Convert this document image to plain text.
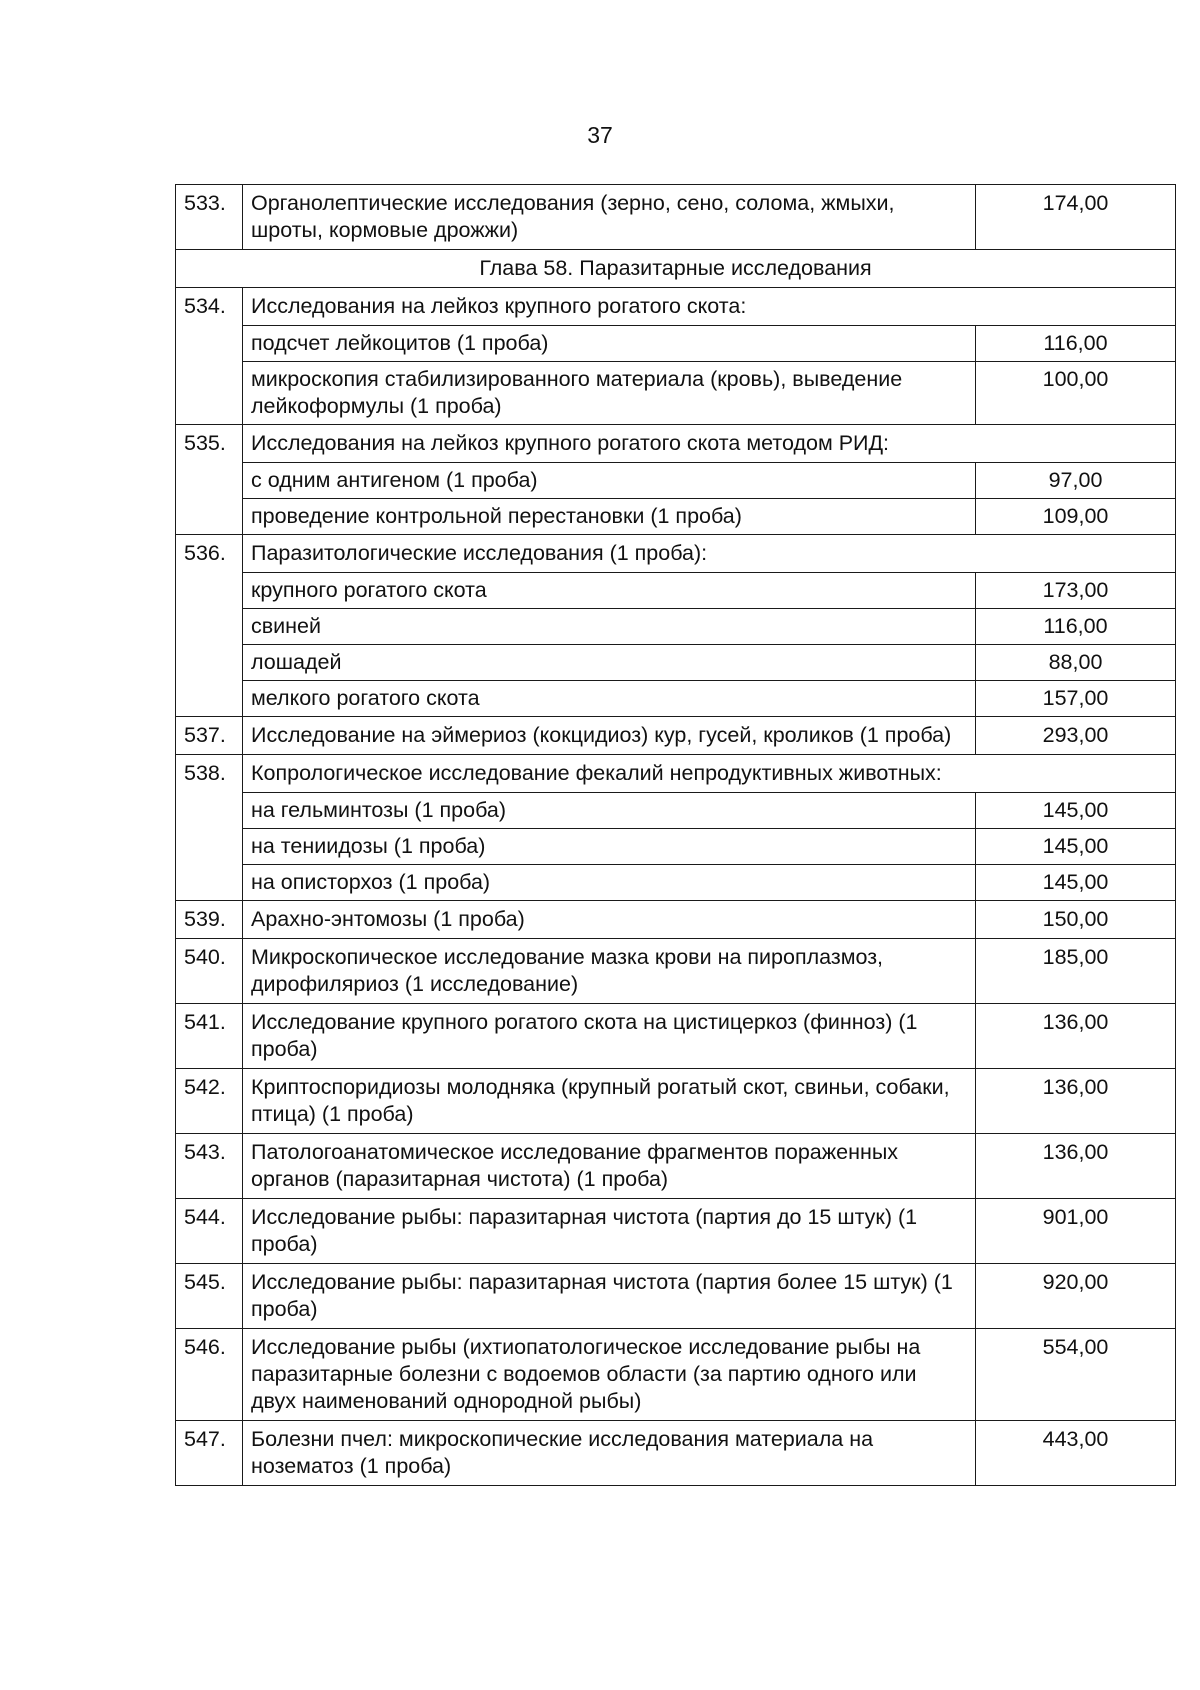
37
533.	Органолептические исследования (зерно, сено, солома, жмыхи, шроты, кормовые дрожжи)	174,00
Глава 58. Паразитарные исследования		
534.	Исследования на лейкоз крупного рогатого скота:	
	подсчет лейкоцитов (1 проба)	116,00
	микроскопия стабилизированного материала (кровь), выведение лейкоформулы (1 проба)	100,00
535.	Исследования на лейкоз крупного рогатого скота методом РИД:	
	с одним антигеном (1 проба)	97,00
	проведение контрольной перестановки (1 проба)	109,00
536.	Паразитологические исследования (1 проба):	
	крупного рогатого скота	173,00
	свиней	116,00
	лошадей	88,00
	мелкого рогатого скота	157,00
537.	Исследование на эймериоз (кокцидиоз) кур, гусей, кроликов (1 проба)	293,00
538.	Копрологическое исследование фекалий непродуктивных животных:	
	на гельминтозы (1 проба)	145,00
	на тениидозы (1 проба)	145,00
	на описторхоз (1 проба)	145,00
539.	Арахно-энтомозы (1 проба)	150,00
540.	Микроскопическое исследование мазка крови на пироплазмоз, дирофиляриоз (1 исследование)	185,00
541.	Исследование крупного рогатого скота на цистицеркоз (финноз) (1 проба)	136,00
542.	Криптоспоридиозы молодняка (крупный рогатый скот, свиньи, собаки, птица) (1 проба)	136,00
543.	Патологоанатомическое исследование фрагментов пораженных органов (паразитарная чистота) (1 проба)	136,00
544.	Исследование рыбы: паразитарная чистота (партия до 15 штук) (1 проба)	901,00
545.	Исследование рыбы: паразитарная чистота (партия более 15 штук) (1 проба)	920,00
546.	Исследование рыбы (ихтиопатологическое исследование рыбы на паразитарные болезни с водоемов области (за партию одного или двух наименований однородной рыбы)	554,00
547.	Болезни пчел: микроскопические исследования материала на нозематоз (1 проба)	443,00
